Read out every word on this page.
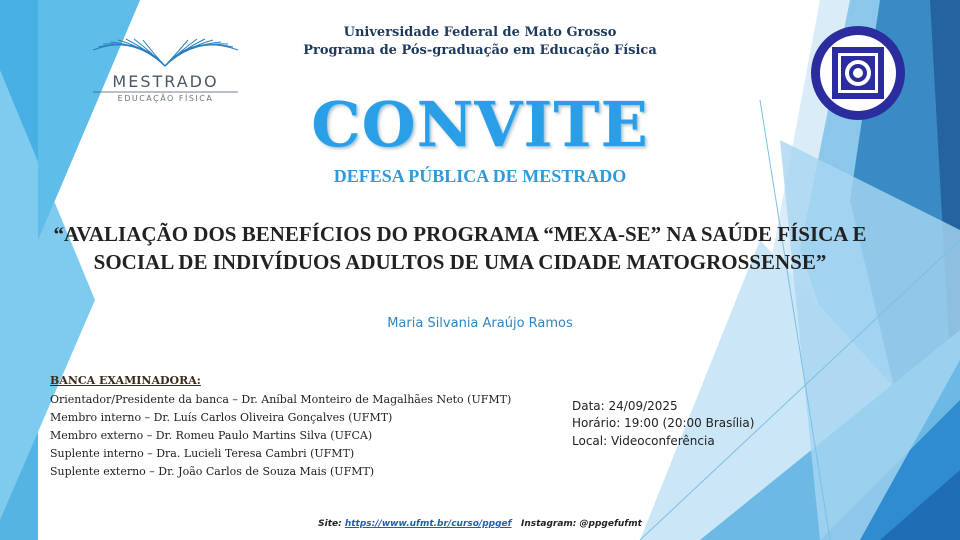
MESTRADO
EDUCAÇÃO FÍSICA
Universidade Federal de Mato Grosso
Programa de Pós-graduação em Educação Física
CONVITE
DEFESA PÚBLICA DE MESTRADO
“AVALIAÇÃO DOS BENEFÍCIOS DO PROGRAMA “MEXA-SE” NA SAÚDE FÍSICA E SOCIAL DE INDIVÍDUOS ADULTOS DE UMA CIDADE MATOGROSSENSE”
Maria Silvania Araújo Ramos
BANCA EXAMINADORA:
Orientador/Presidente da banca – Dr. Aníbal Monteiro de Magalhães Neto (UFMT)
Membro interno – Dr. Luís Carlos Oliveira Gonçalves (UFMT)
Membro externo – Dr. Romeu Paulo Martins Silva (UFCA)
Suplente interno – Dra. Lucieli Teresa Cambri (UFMT)
Suplente externo – Dr. João Carlos de Souza Mais (UFMT)
Data: 24/09/2025
Horário: 19:00 (20:00 Brasília)
Local: Videoconferência
Site: https://www.ufmt.br/curso/ppgef Instagram: @ppgefufmt
